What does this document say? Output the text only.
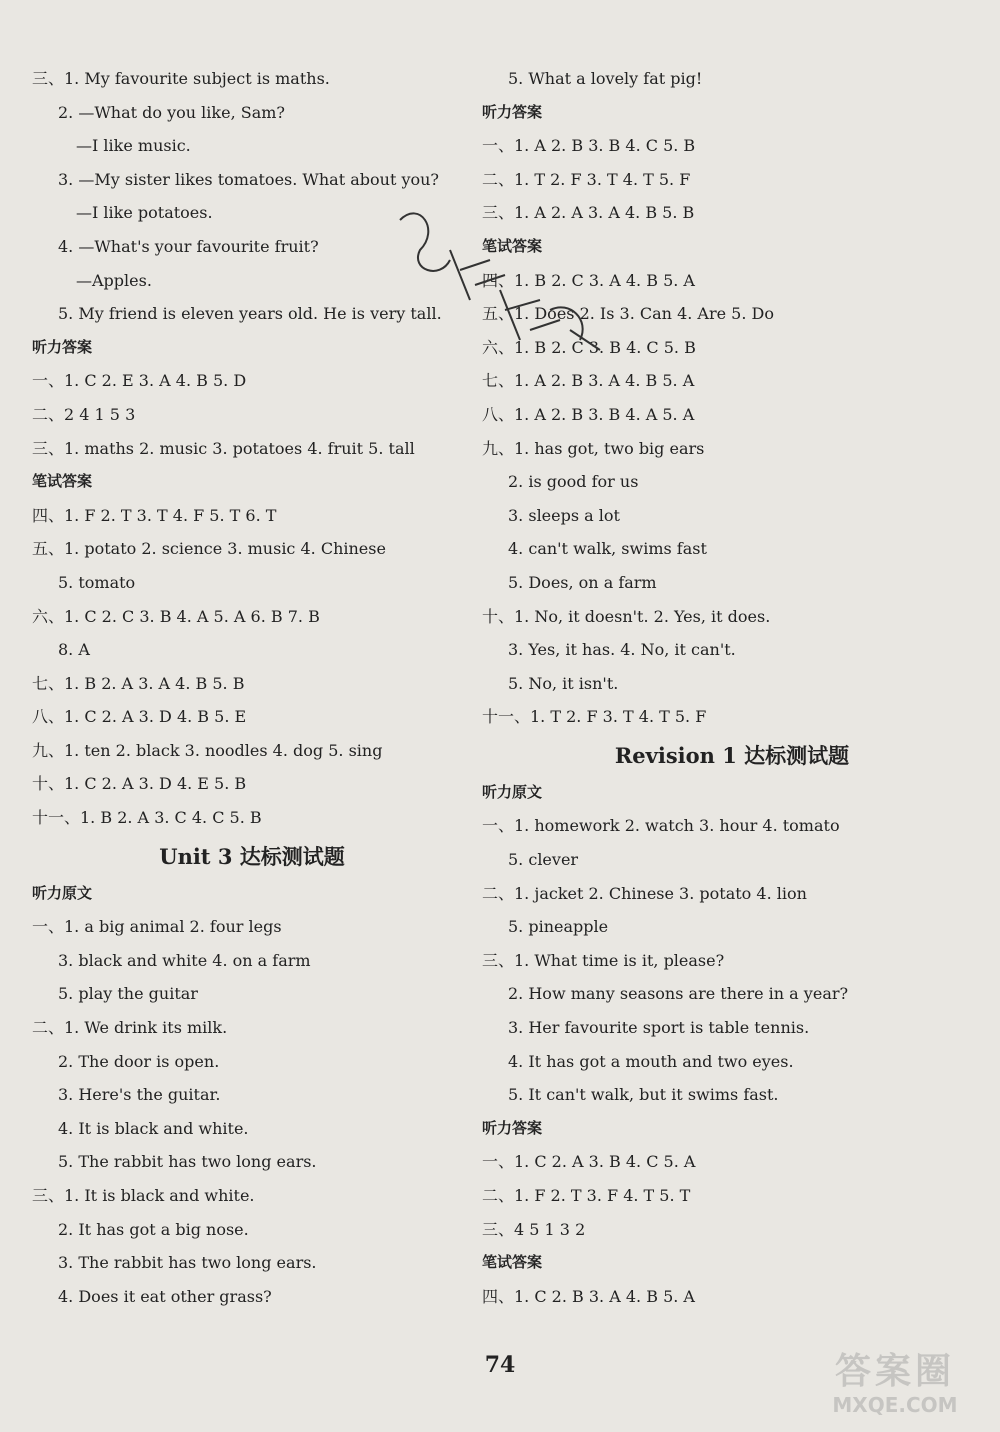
三、1. My favourite subject is maths.
2. —What do you like, Sam?
—I like music.
3. —My sister likes tomatoes. What about you?
—I like potatoes.
4. —What's your favourite fruit?
—Apples.
5. My friend is eleven years old. He is very tall.
听力答案
一、1. C 2. E 3. A 4. B 5. D
二、2 4 1 5 3
三、1. maths 2. music 3. potatoes 4. fruit 5. tall
笔试答案
四、1. F 2. T 3. T 4. F 5. T 6. T
五、1. potato 2. science 3. music 4. Chinese
5. tomato
六、1. C 2. C 3. B 4. A 5. A 6. B 7. B
8. A
七、1. B 2. A 3. A 4. B 5. B
八、1. C 2. A 3. D 4. B 5. E
九、1. ten 2. black 3. noodles 4. dog 5. sing
十、1. C 2. A 3. D 4. E 5. B
十一、1. B 2. A 3. C 4. C 5. B
Unit 3 达标测试题
听力原文
一、1. a big animal 2. four legs
3. black and white 4. on a farm
5. play the guitar
二、1. We drink its milk.
2. The door is open.
3. Here's the guitar.
4. It is black and white.
5. The rabbit has two long ears.
三、1. It is black and white.
2. It has got a big nose.
3. The rabbit has two long ears.
4. Does it eat other grass?
5. What a lovely fat pig!
听力答案
一、1. A 2. B 3. B 4. C 5. B
二、1. T 2. F 3. T 4. T 5. F
三、1. A 2. A 3. A 4. B 5. B
笔试答案
四、1. B 2. C 3. A 4. B 5. A
五、1. Does 2. Is 3. Can 4. Are 5. Do
六、1. B 2. C 3. B 4. C 5. B
七、1. A 2. B 3. A 4. B 5. A
八、1. A 2. B 3. B 4. A 5. A
九、1. has got, two big ears
2. is good for us
3. sleeps a lot
4. can't walk, swims fast
5. Does, on a farm
十、1. No, it doesn't. 2. Yes, it does.
3. Yes, it has. 4. No, it can't.
5. No, it isn't.
十一、1. T 2. F 3. T 4. T 5. F
Revision 1 达标测试题
听力原文
一、1. homework 2. watch 3. hour 4. tomato
5. clever
二、1. jacket 2. Chinese 3. potato 4. lion
5. pineapple
三、1. What time is it, please?
2. How many seasons are there in a year?
3. Her favourite sport is table tennis.
4. It has got a mouth and two eyes.
5. It can't walk, but it swims fast.
听力答案
一、1. C 2. A 3. B 4. C 5. A
二、1. F 2. T 3. F 4. T 5. T
三、4 5 1 3 2
笔试答案
四、1. C 2. B 3. A 4. B 5. A
74	答案圈
MXQE.COM
